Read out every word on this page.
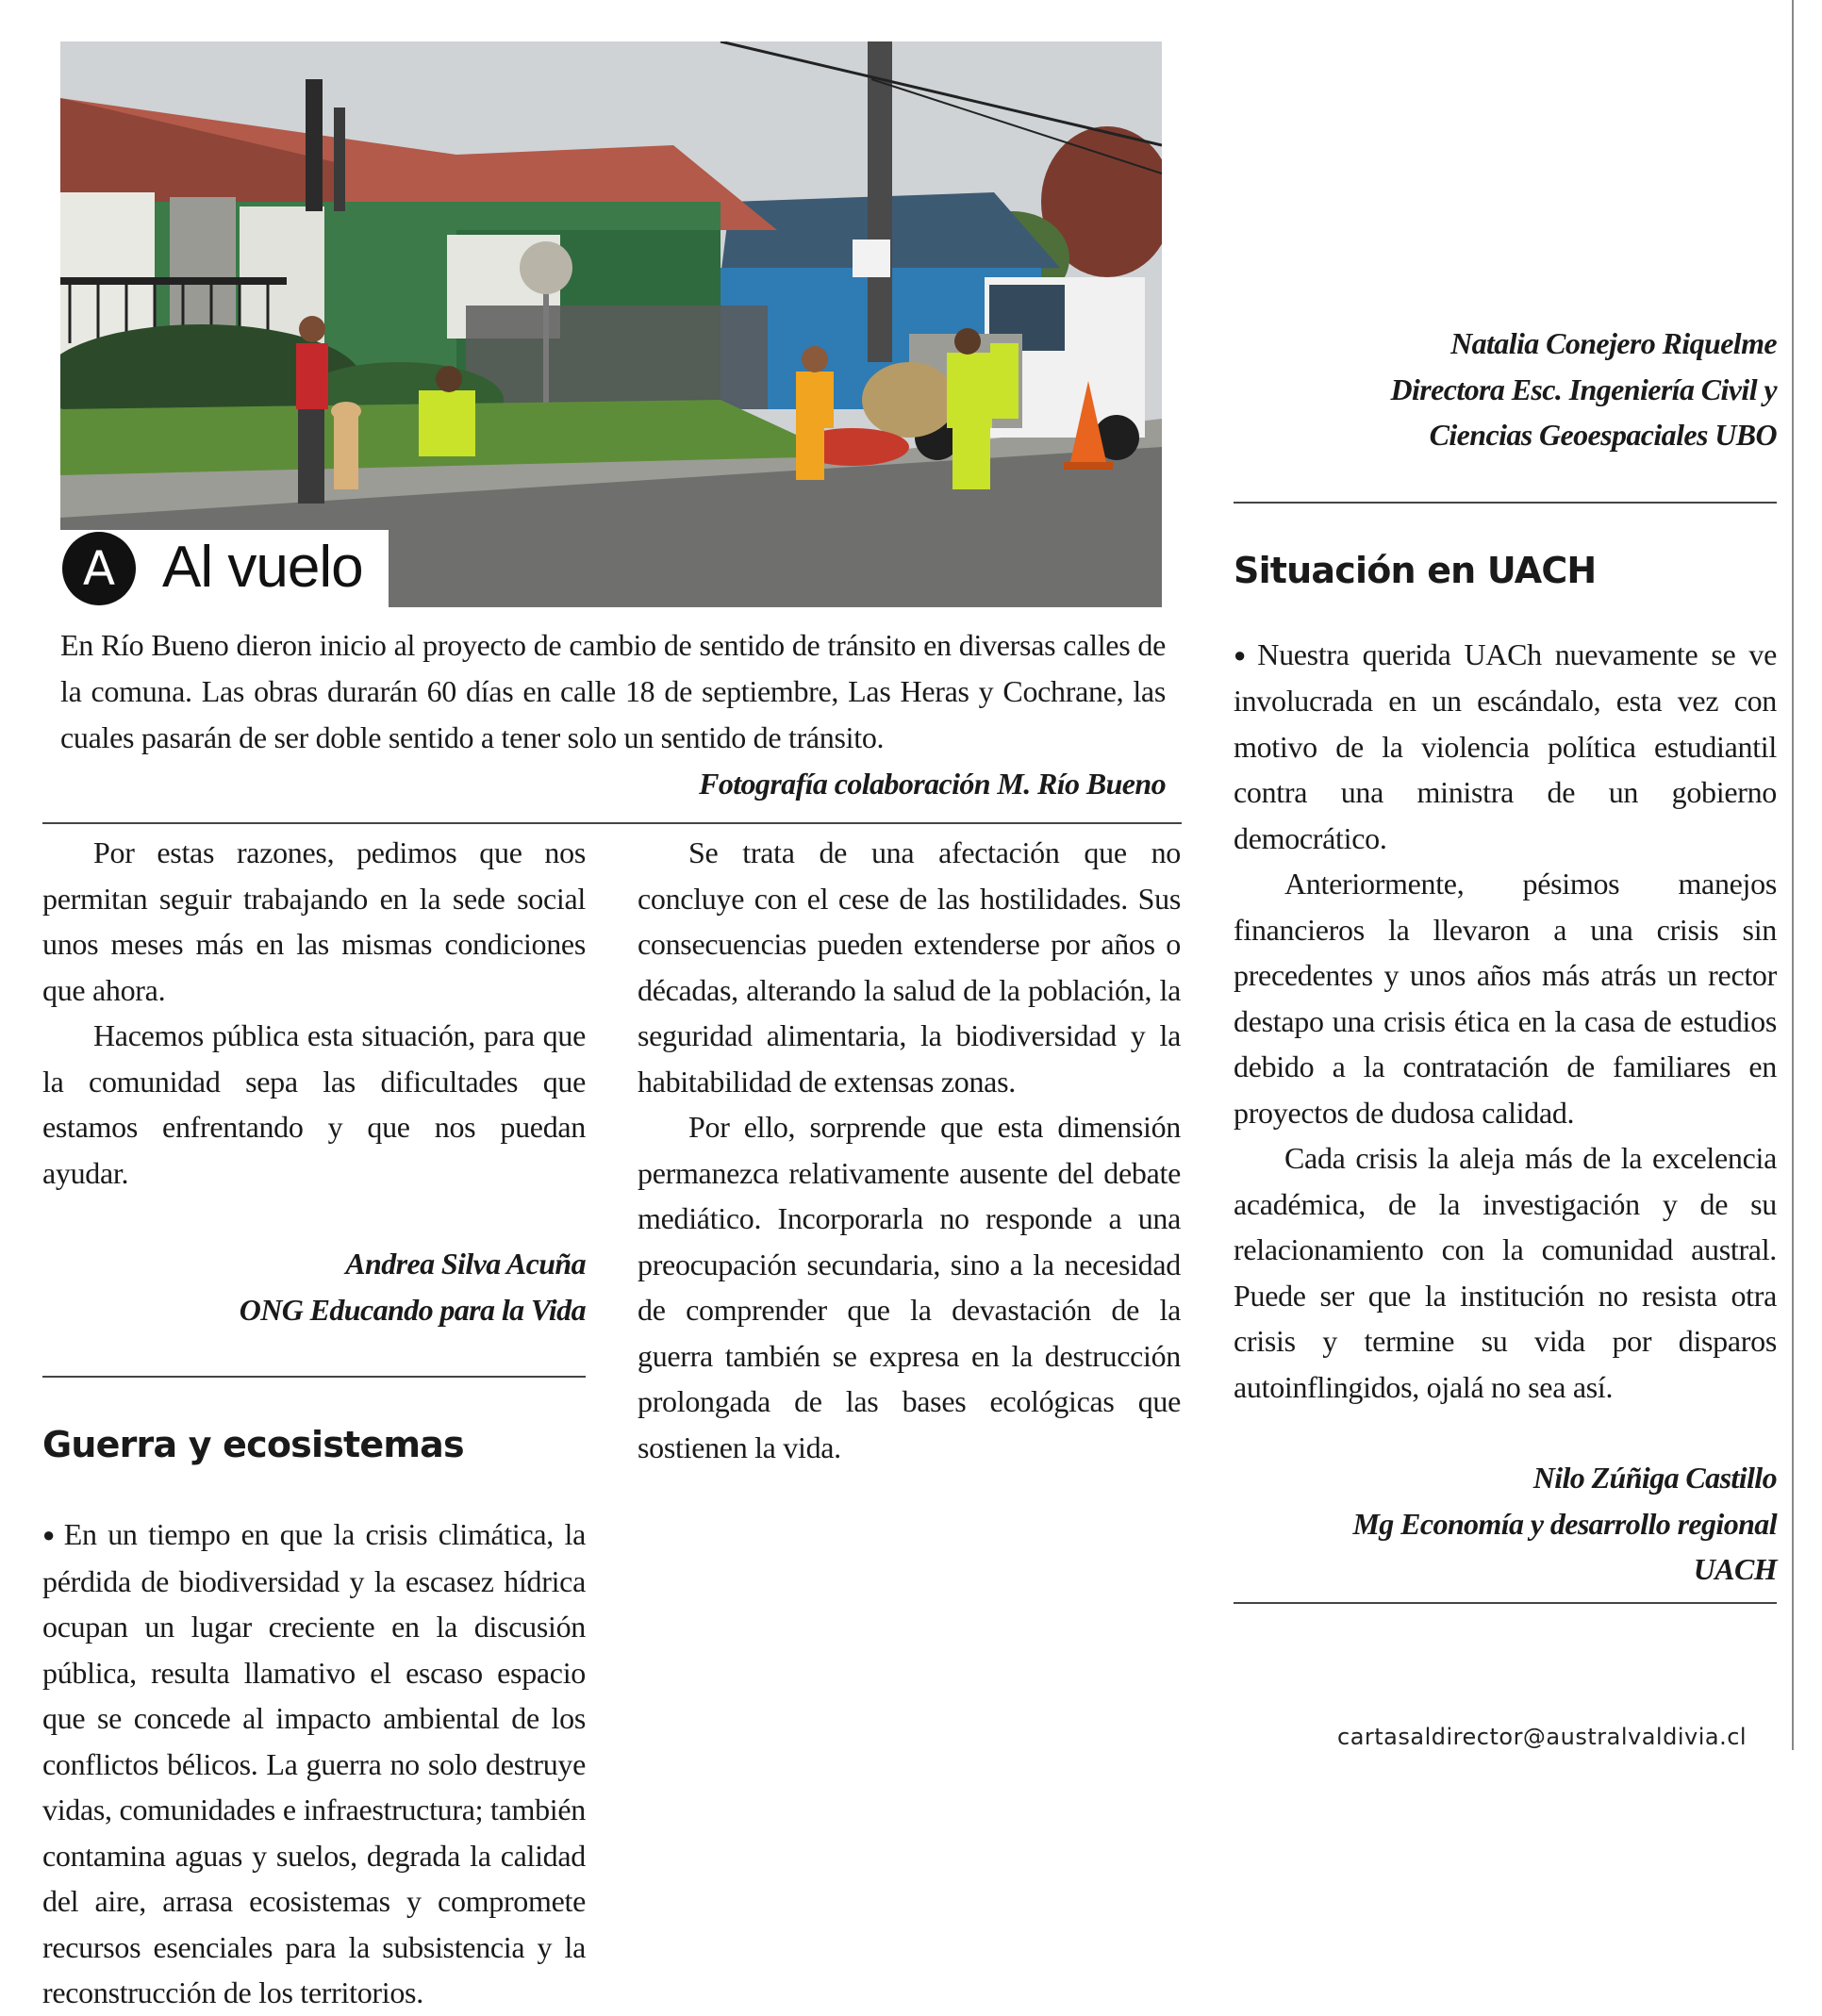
A Al vuelo
En Río Bueno dieron inicio al proyecto de cambio de sentido de tránsito en diversas calles de la comuna. Las obras durarán 60 días en calle 18 de septiembre, Las Heras y Cochrane, las cuales pasarán de ser doble sentido a tener solo un sentido de tránsito.
Fotografía colaboración M. Río Bueno

Por estas razones, pedimos que nos permitan seguir trabajando en la sede social unos meses más en las mismas condiciones que ahora.

Hacemos pública esta situación, para que la comunidad sepa las dificultades que estamos enfrentando y que nos puedan ayudar.

Andrea Silva Acuña

ONG Educando para la Vida

Guerra y ecosistemas

● En un tiempo en que la crisis climática, la pérdida de biodiversidad y la escasez hídrica ocupan un lugar creciente en la discusión pública, resulta llamativo el escaso espacio que se concede al impacto ambiental de los conflictos bélicos. La guerra no solo destruye vidas, comunidades e infraestructura; también contamina aguas y suelos, degrada la calidad del aire, arrasa ecosistemas y compromete recursos esenciales para la subsistencia y la reconstrucción de los territorios.

Se trata de una afectación que no concluye con el cese de las hostilidades. Sus consecuencias pueden extenderse por años o décadas, alterando la salud de la población, la seguridad alimentaria, la biodiversidad y la habitabilidad de extensas zonas.

Por ello, sorprende que esta dimensión permanezca relativamente ausente del debate mediático. Incorporarla no responde a una preocupación secundaria, sino a la necesidad de comprender que la devastación de la guerra también se expresa en la destrucción prolongada de las bases ecológicas que sostienen la vida.

Natalia Conejero Riquelme

Directora Esc. Ingeniería Civil y

Ciencias Geoespaciales UBO

Situación en UACH

● Nuestra querida UACh nuevamente se ve involucrada en un escándalo, esta vez con motivo de la violencia política estudiantil contra una ministra de un gobierno democrático.

Anteriormente, pésimos manejos financieros la llevaron a una crisis sin precedentes y unos años más atrás un rector destapo una crisis ética en la casa de estudios debido a la contratación de familiares en proyectos de dudosa calidad.

Cada crisis la aleja más de la excelencia académica, de la investigación y de su relacionamiento con la comunidad austral. Puede ser que la institución no resista otra crisis y termine su vida por disparos autoinflingidos, ojalá no sea así.

Nilo Zúñiga Castillo

Mg Economía y desarrollo regional

UACH

cartasaldirector@australvaldivia.cl
